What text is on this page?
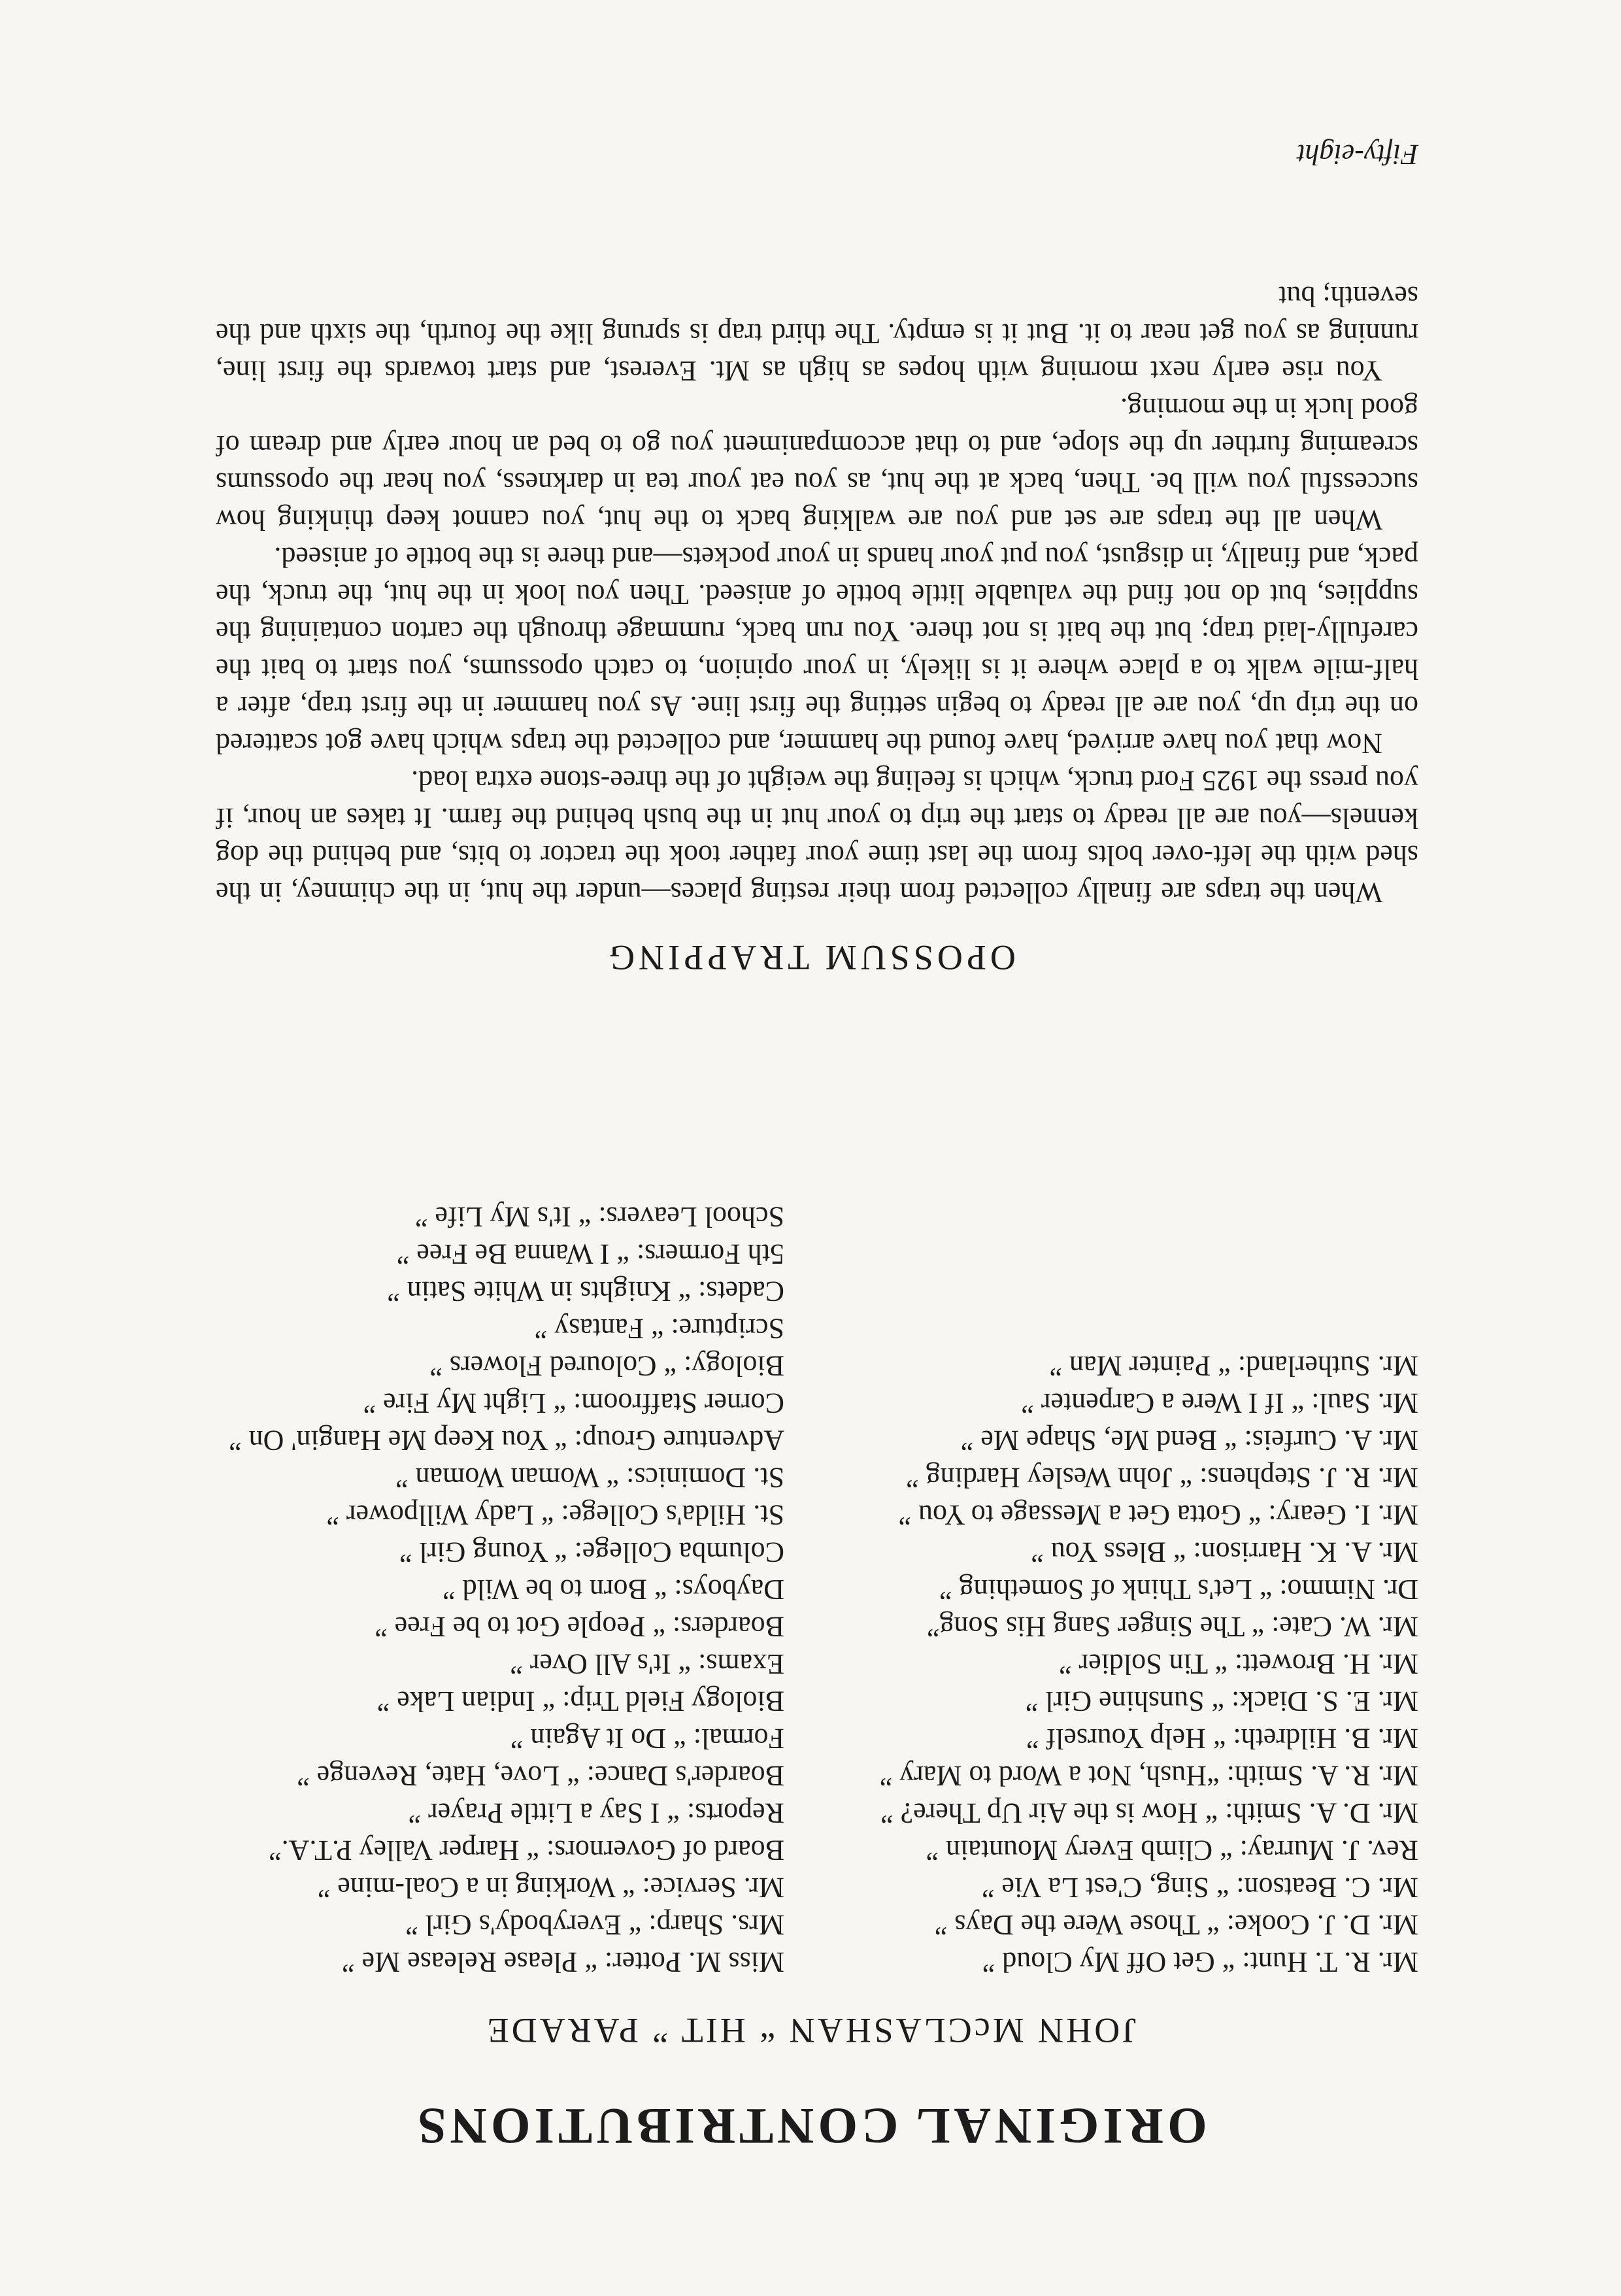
ORIGINAL CONTRIBUTIONS
JOHN McCLASHAN “ HIT ” PARADE
Mr. R. T. Hunt: “ Get Off My Cloud ”
Mr. D. J. Cooke: “ Those Were the Days ”
Mr. C. Beatson: “ Sing, C'est La Vie ”
Rev. J. Murray: “ Climb Every Mountain ”
Mr. D. A. Smith: “ How is the Air Up There? ”
Mr. R. A. Smith: “Hush, Not a Word to Mary ”
Mr. B. Hildreth: “ Help Yourself ”
Mr. E. S. Diack: “ Sunshine Girl ”
Mr. H. Browett: “ Tin Soldier ”
Mr. W. Cate: “ The Singer Sang His Song”
Dr. Nimmo: “ Let's Think of Something ”
Mr. A. K. Harrison: “ Bless You ”
Mr. I. Geary: “ Gotta Get a Message to You ”
Mr. R. J. Stephens: “ John Wesley Harding ”
Mr. A. Curfeis: “ Bend Me, Shape Me ”
Mr. Saul: “ If I Were a Carpenter ”
Mr. Sutherland: “ Painter Man ”
Miss M. Potter: “ Please Release Me ”
Mrs. Sharp: “ Everybody's Girl ”
Mr. Service: “ Working in a Coal-mine ”
Board of Governors: “ Harper Valley P.T.A.”
Reports: “ I Say a Little Prayer ”
Boarder's Dance: “ Love, Hate, Revenge ”
Formal: “ Do It Again ”
Biology Field Trip: “ Indian Lake ”
Exams: “ It's All Over ”
Boarders: “ People Got to be Free ”
Dayboys: “ Born to be Wild ”
Columba College: “ Young Girl ”
St. Hilda's College: “ Lady Willpower ”
St. Dominics: “ Woman Woman ”
Adventure Group: “ You Keep Me Hangin' On ”
Corner Staffroom: “ Light My Fire ”
Biology: “ Coloured Flowers ”
Scripture: “ Fantasy ”
Cadets: “ Knights in White Satin ”
5th Formers: “ I Wanna Be Free ”
School Leavers: “ It's My Life ”
OPOSSUM TRAPPING

When the traps are finally collected from their resting places—under the hut, in the chimney, in the shed with the left-over bolts from the last time your father took the tractor to bits, and behind the dog kennels—you are all ready to start the trip to your hut in the bush behind the farm. It takes an hour, if you press the 1925 Ford truck, which is feeling the weight of the three-stone extra load.

Now that you have arrived, have found the hammer, and collected the traps which have got scattered on the trip up, you are all ready to begin setting the first line. As you hammer in the first trap, after a half-mile walk to a place where it is likely, in your opinion, to catch opossums, you start to bait the carefully-laid trap; but the bait is not there. You run back, rummage through the carton containing the supplies, but do not find the valuable little bottle of aniseed. Then you look in the hut, the truck, the pack, and finally, in disgust, you put your hands in your pockets—and there is the bottle of aniseed.

When all the traps are set and you are walking back to the hut, you cannot keep thinking how successful you will be. Then, back at the hut, as you eat your tea in darkness, you hear the opossums screaming further up the slope, and to that accompaniment you go to bed an hour early and dream of good luck in the morning.

You rise early next morning with hopes as high as Mt. Everest, and start towards the first line, running as you get near to it. But it is empty. The third trap is sprung like the fourth, the sixth and the seventh; but

Fifty-eight
